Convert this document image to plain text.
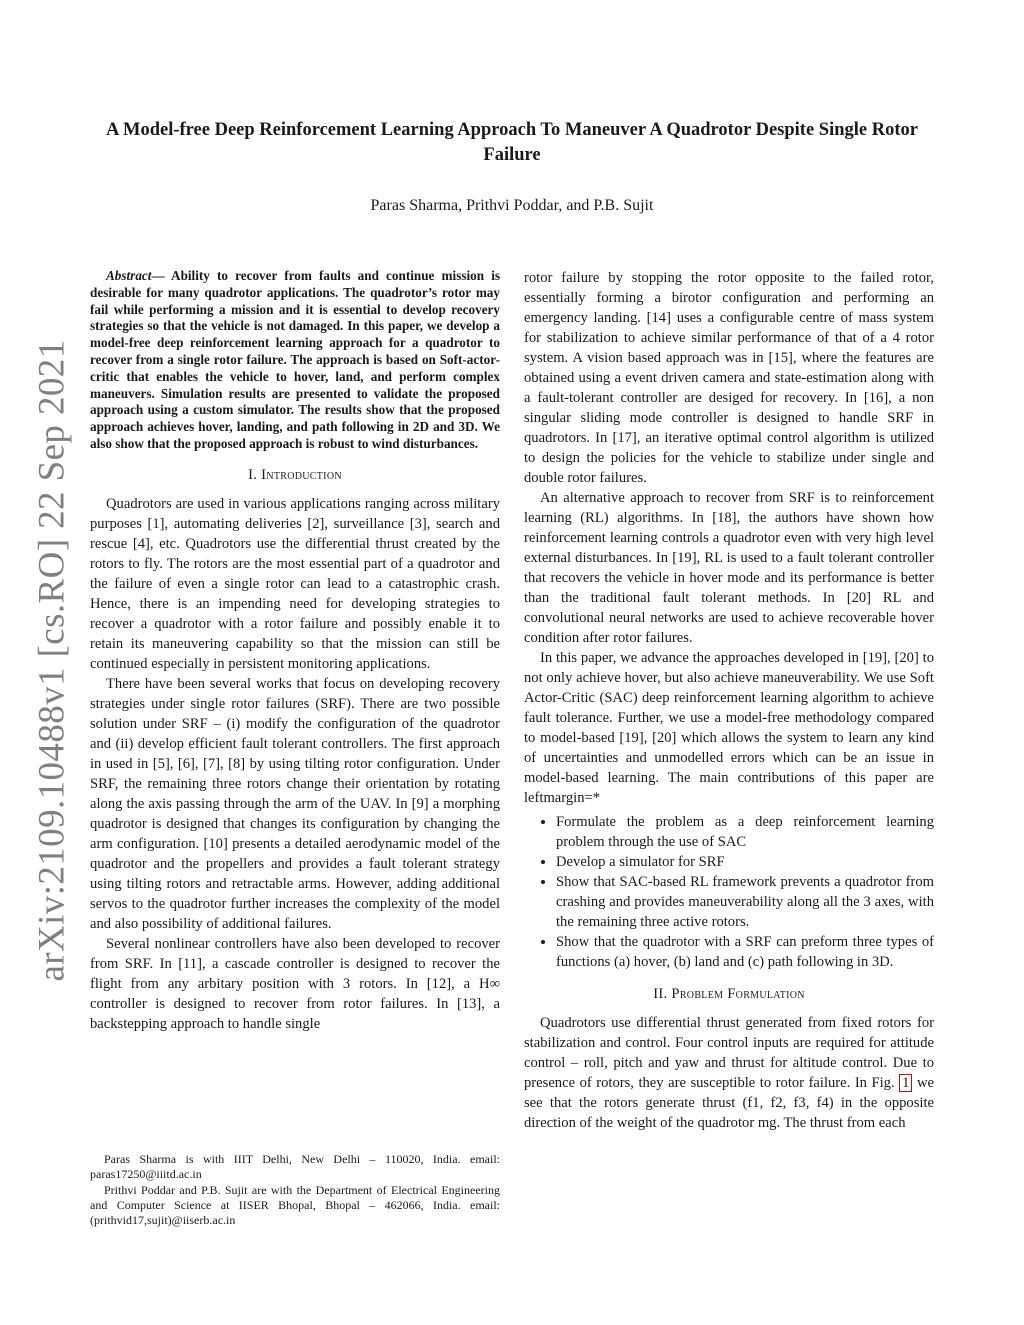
arXiv:2109.10488v1 [cs.RO] 22 Sep 2021
A Model-free Deep Reinforcement Learning Approach To Maneuver A Quadrotor Despite Single Rotor Failure
Paras Sharma, Prithvi Poddar, and P.B. Sujit

Abstract— Ability to recover from faults and continue mission is desirable for many quadrotor applications. The quadrotor’s rotor may fail while performing a mission and it is essential to develop recovery strategies so that the vehicle is not damaged. In this paper, we develop a model-free deep reinforcement learning approach for a quadrotor to recover from a single rotor failure. The approach is based on Soft-actor-critic that enables the vehicle to hover, land, and perform complex maneuvers. Simulation results are presented to validate the proposed approach using a custom simulator. The results show that the proposed approach achieves hover, landing, and path following in 2D and 3D. We also show that the proposed approach is robust to wind disturbances.

I. Introduction

Quadrotors are used in various applications ranging across military purposes [1], automating deliveries [2], surveillance [3], search and rescue [4], etc. Quadrotors use the differential thrust created by the rotors to fly. The rotors are the most essential part of a quadrotor and the failure of even a single rotor can lead to a catastrophic crash. Hence, there is an impending need for developing strategies to recover a quadrotor with a rotor failure and possibly enable it to retain its maneuvering capability so that the mission can still be continued especially in persistent monitoring applications.

There have been several works that focus on developing recovery strategies under single rotor failures (SRF). There are two possible solution under SRF – (i) modify the configuration of the quadrotor and (ii) develop efficient fault tolerant controllers. The first approach in used in [5], [6], [7], [8] by using tilting rotor configuration. Under SRF, the remaining three rotors change their orientation by rotating along the axis passing through the arm of the UAV. In [9] a morphing quadrotor is designed that changes its configuration by changing the arm configuration. [10] presents a detailed aerodynamic model of the quadrotor and the propellers and provides a fault tolerant strategy using tilting rotors and retractable arms. However, adding additional servos to the quadrotor further increases the complexity of the model and also possibility of additional failures.

Several nonlinear controllers have also been developed to recover from SRF. In [11], a cascade controller is designed to recover the flight from any arbitary position with 3 rotors. In [12], a H∞ controller is designed to recover from rotor failures. In [13], a backstepping approach to handle single

Paras Sharma is with IIIT Delhi, New Delhi – 110020, India. email: paras17250@iiitd.ac.in

Prithvi Poddar and P.B. Sujit are with the Department of Electrical Engineering and Computer Science at IISER Bhopal, Bhopal – 462066, India. email: (prithvid17,sujit)@iiserb.ac.in

rotor failure by stopping the rotor opposite to the failed rotor, essentially forming a birotor configuration and performing an emergency landing. [14] uses a configurable centre of mass system for stabilization to achieve similar performance of that of a 4 rotor system. A vision based approach was in [15], where the features are obtained using a event driven camera and state-estimation along with a fault-tolerant controller are desiged for recovery. In [16], a non singular sliding mode controller is designed to handle SRF in quadrotors. In [17], an iterative optimal control algorithm is utilized to design the policies for the vehicle to stabilize under single and double rotor failures.

An alternative approach to recover from SRF is to reinforcement learning (RL) algorithms. In [18], the authors have shown how reinforcement learning controls a quadrotor even with very high level external disturbances. In [19], RL is used to a fault tolerant controller that recovers the vehicle in hover mode and its performance is better than the traditional fault tolerant methods. In [20] RL and convolutional neural networks are used to achieve recoverable hover condition after rotor failures.

In this paper, we advance the approaches developed in [19], [20] to not only achieve hover, but also achieve maneuverability. We use Soft Actor-Critic (SAC) deep reinforcement learning algorithm to achieve fault tolerance. Further, we use a model-free methodology compared to model-based [19], [20] which allows the system to learn any kind of uncertainties and unmodelled errors which can be an issue in model-based learning. The main contributions of this paper are leftmargin=*

• Formulate the problem as a deep reinforcement learning problem through the use of SAC
• Develop a simulator for SRF
• Show that SAC-based RL framework prevents a quadrotor from crashing and provides maneuverability along all the 3 axes, with the remaining three active rotors.
• Show that the quadrotor with a SRF can preform three types of functions (a) hover, (b) land and (c) path following in 3D.
II. Problem Formulation

Quadrotors use differential thrust generated from fixed rotors for stabilization and control. Four control inputs are required for attitude control – roll, pitch and yaw and thrust for altitude control. Due to presence of rotors, they are susceptible to rotor failure. In Fig. 1 we see that the rotors generate thrust (f1, f2, f3, f4) in the opposite direction of the weight of the quadrotor mg. The thrust from each
